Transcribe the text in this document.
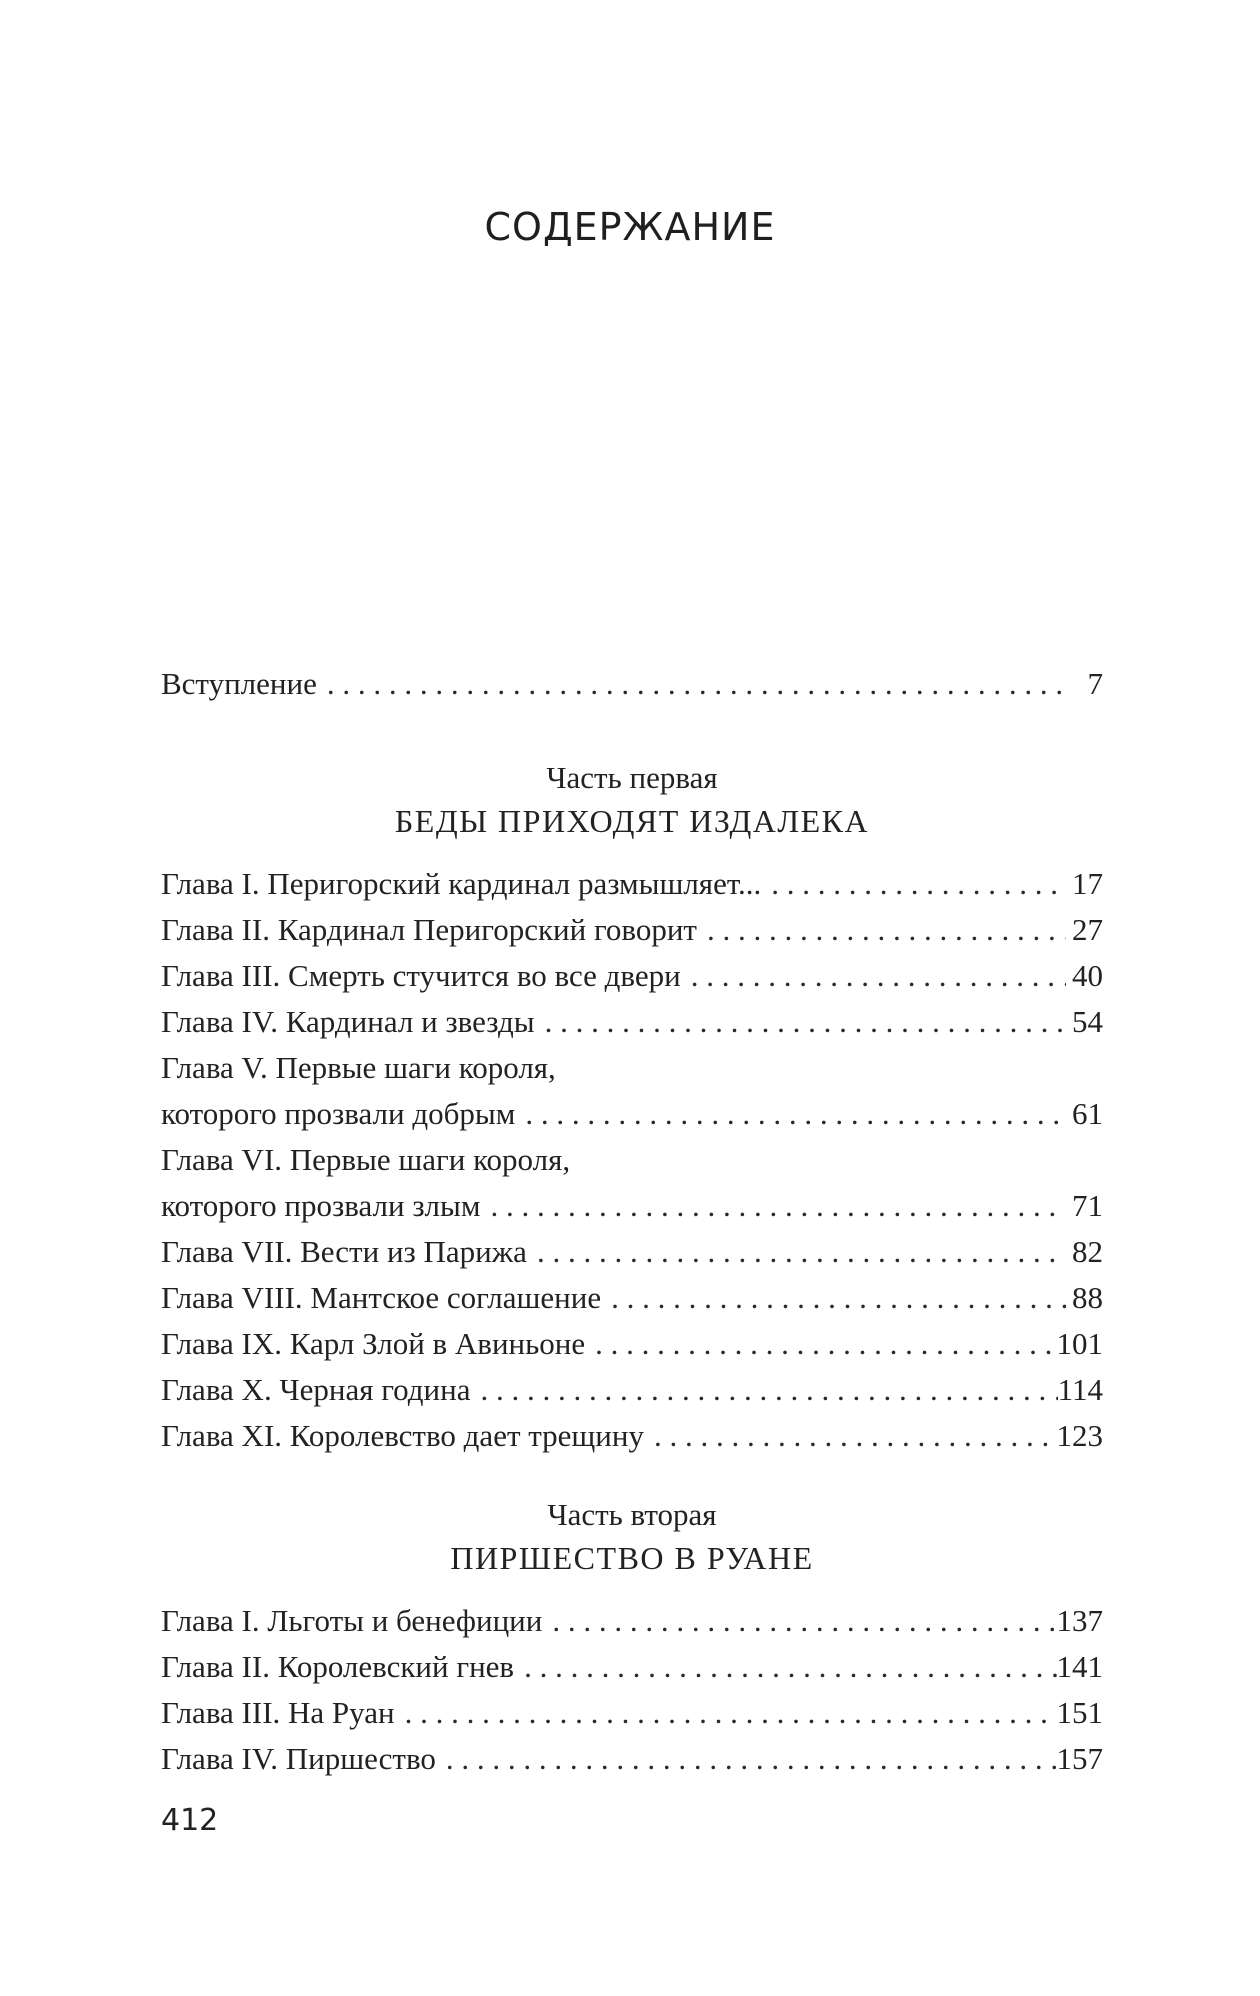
СОДЕРЖАНИЕ
Вступление . . .	7
Часть первая
БЕДЫ ПРИХОДЯТ ИЗДАЛЕКА
Глава I. Перигорский кардинал размышляет... . . .	17
Глава II. Кардинал Перигорский говорит . . .	27
Глава III. Смерть стучится во все двери . . .	40
Глава IV. Кардинал и звезды . . .	54
Глава V. Первые шаги короля,
которого прозвали добрым . . .	61
Глава VI. Первые шаги короля,
которого прозвали злым . . .	71
Глава VII. Вести из Парижа . . .	82
Глава VIII. Мантское соглашение . . .	88
Глава IX. Карл Злой в Авиньоне . . .	101
Глава X. Черная година . . .	114
Глава XI. Королевство дает трещину . . .	123
Часть вторая
ПИРШЕСТВО В РУАНЕ
Глава I. Льготы и бенефиции . . .	137
Глава II. Королевский гнев . . .	141
Глава III. На Руан . . .	151
Глава IV. Пиршество . . .	157
412
